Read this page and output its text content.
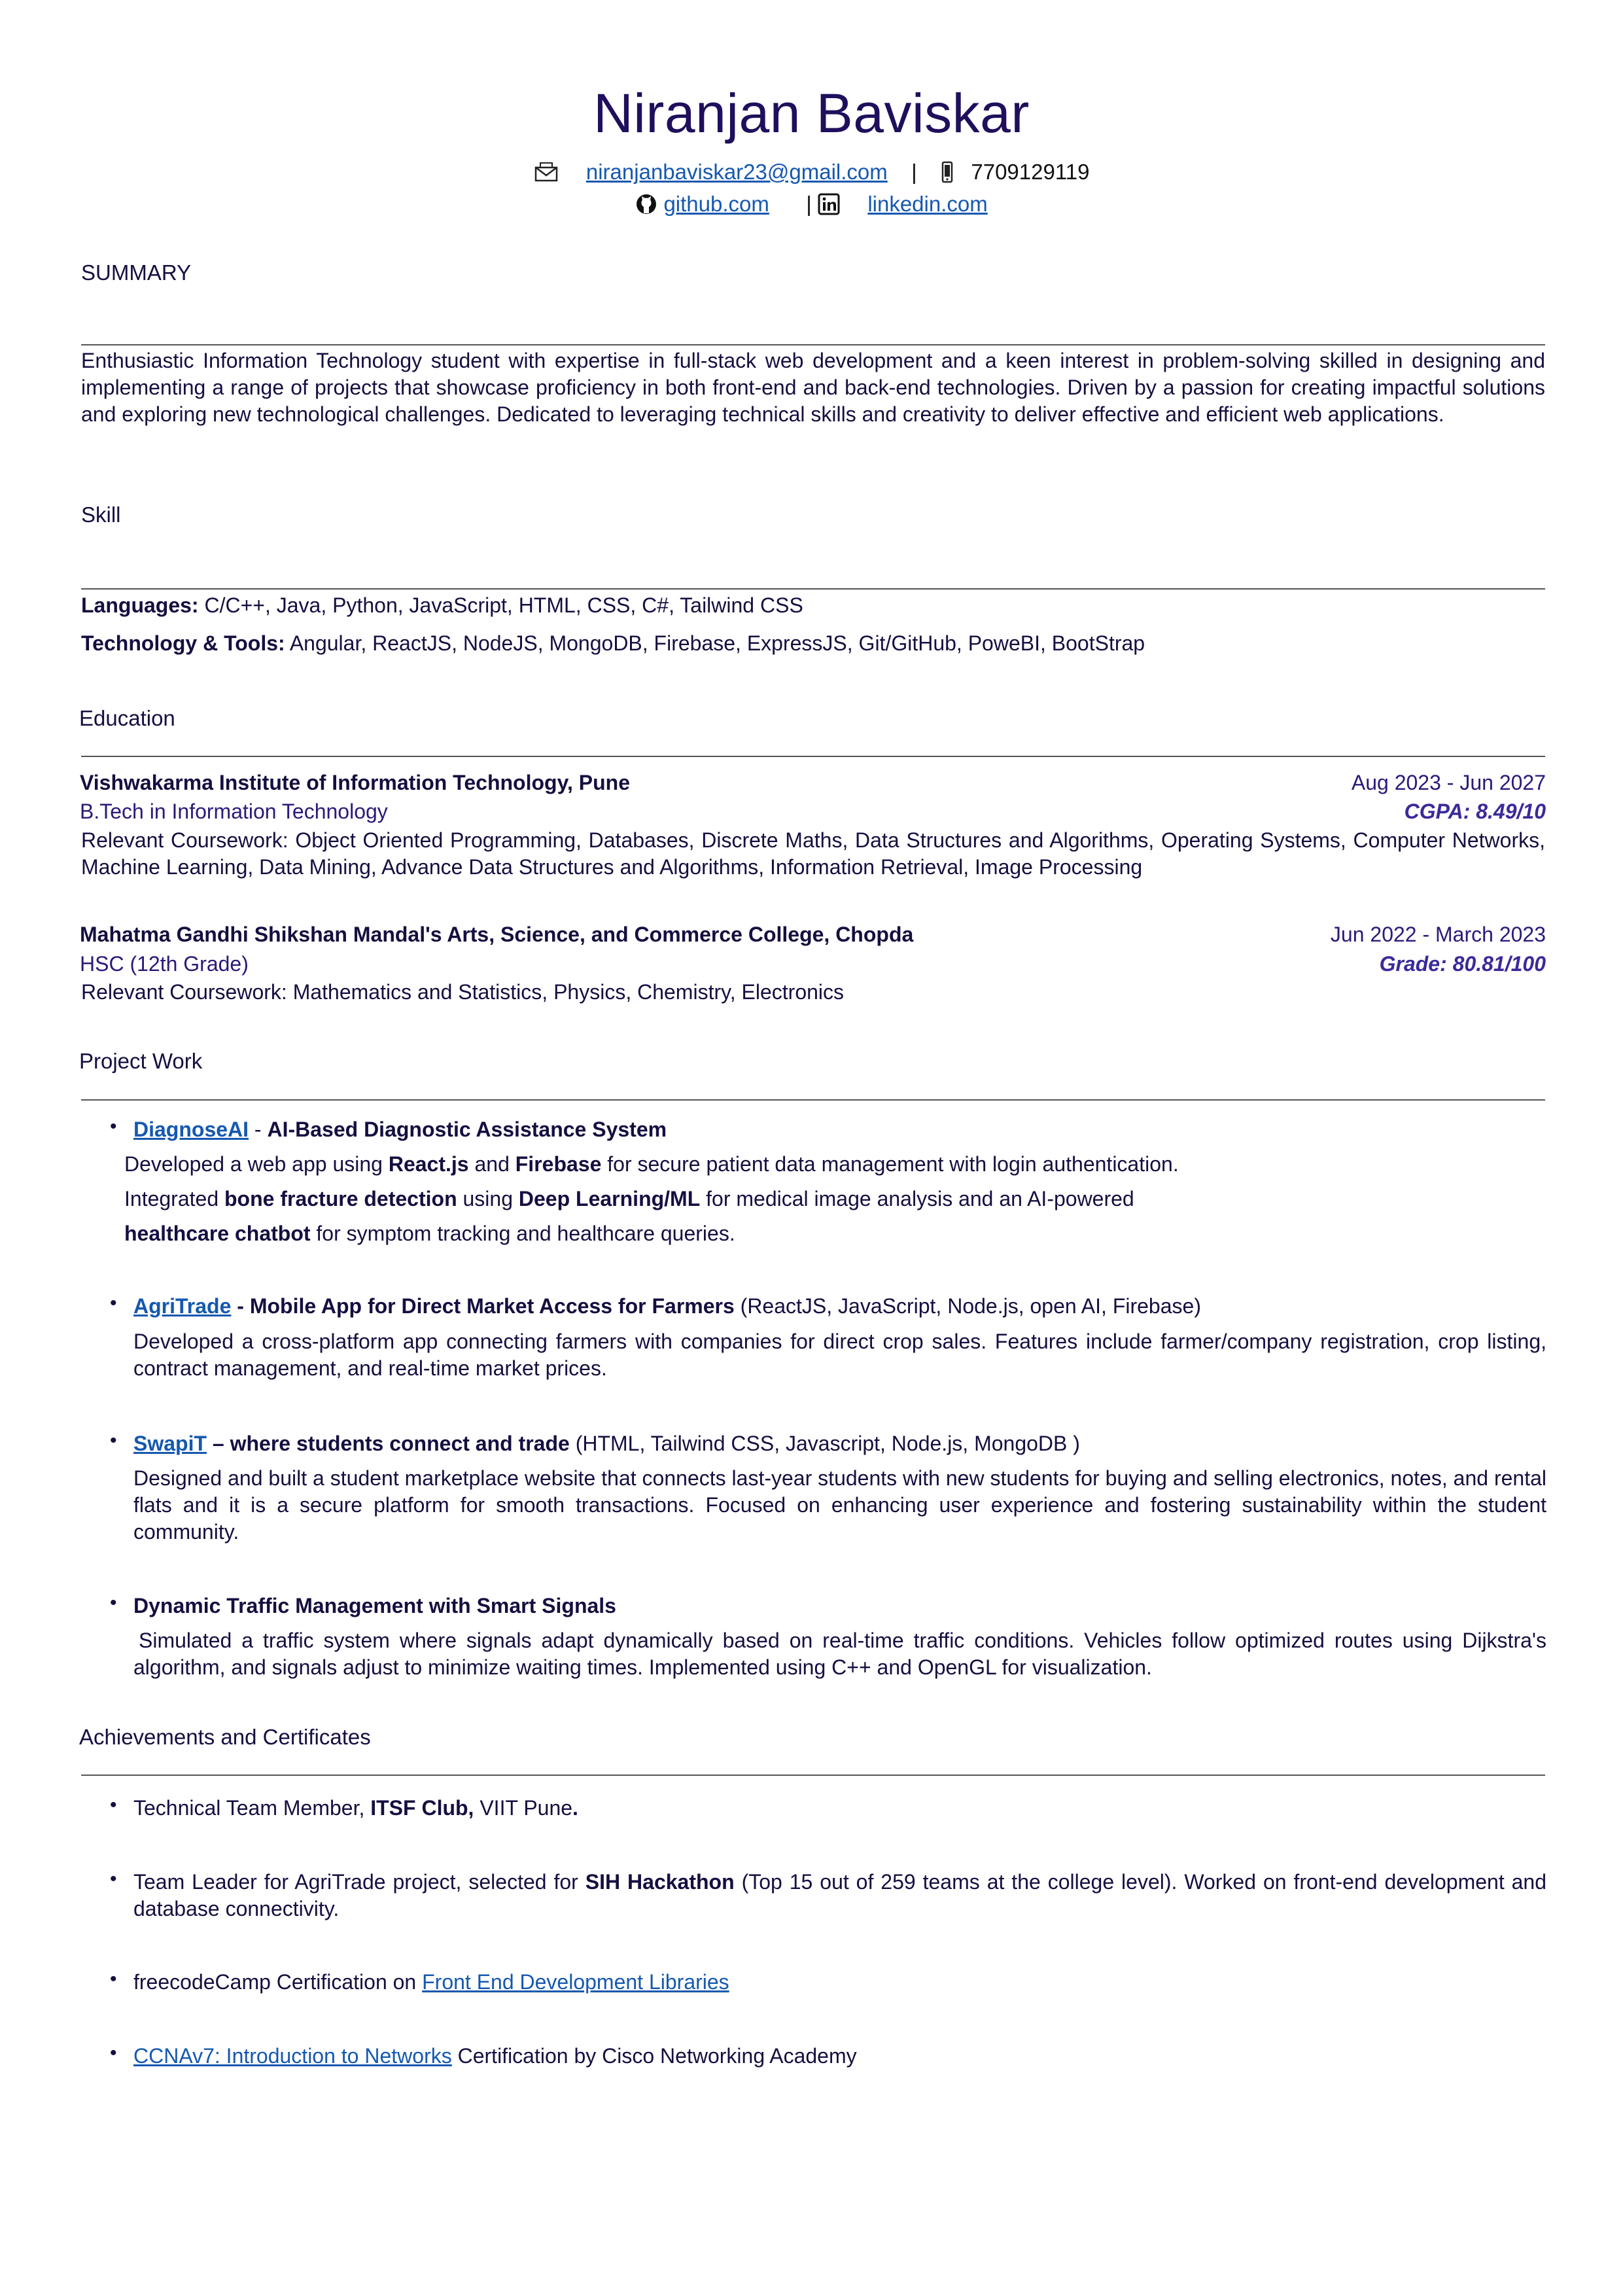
Niranjan Baviskar
niranjanbaviskar23@gmail.com |	7709129119
github.com |	linkedin.com
SUMMARY
Enthusiastic Information Technology student with expertise in full-stack web development and a keen interest in problem-solving skilled in designing and implementing a range of projects that showcase proficiency in both front-end and back-end technologies. Driven by a passion for creating impactful solutions and exploring new technological challenges. Dedicated to leveraging technical skills and creativity to deliver effective and efficient web applications.
Skill
Languages: C/C++, Java, Python, JavaScript, HTML, CSS, C#, Tailwind CSS
Technology & Tools: Angular, ReactJS, NodeJS, MongoDB, Firebase, ExpressJS, Git/GitHub, PoweBI, BootStrap
Education
Vishwakarma Institute of Information Technology, Pune	Aug 2023 - Jun 2027
B.Tech in Information Technology	CGPA: 8.49/10
Relevant Coursework: Object Oriented Programming, Databases, Discrete Maths, Data Structures and Algorithms, Operating Systems, Computer Networks, Machine Learning, Data Mining, Advance Data Structures and Algorithms, Information Retrieval, Image Processing
Mahatma Gandhi Shikshan Mandal's Arts, Science, and Commerce College, Chopda	Jun 2022 - March 2023
HSC (12th Grade)	Grade: 80.81/100
Relevant Coursework: Mathematics and Statistics, Physics, Chemistry, Electronics
Project Work
• DiagnoseAI - AI-Based Diagnostic Assistance System
Developed a web app using React.js and Firebase for secure patient data management with login authentication.
Integrated bone fracture detection using Deep Learning/ML for medical image analysis and an AI-powered
healthcare chatbot for symptom tracking and healthcare queries.
• AgriTrade - Mobile App for Direct Market Access for Farmers (ReactJS, JavaScript, Node.js, open AI, Firebase)
Developed a cross-platform app connecting farmers with companies for direct crop sales. Features include farmer/company registration, crop listing, contract management, and real-time market prices.
• SwapiT – where students connect and trade (HTML, Tailwind CSS, Javascript, Node.js, MongoDB )
Designed and built a student marketplace website that connects last-year students with new students for buying and selling electronics, notes, and rental flats and it is a secure platform for smooth transactions. Focused on enhancing user experience and fostering sustainability within the student community.
• Dynamic Traffic Management with Smart Signals
Simulated a traffic system where signals adapt dynamically based on real-time traffic conditions. Vehicles follow optimized routes using Dijkstra's algorithm, and signals adjust to minimize waiting times. Implemented using C++ and OpenGL for visualization.
Achievements and Certificates
• Technical Team Member, ITSF Club, VIIT Pune.
• Team Leader for AgriTrade project, selected for SIH Hackathon (Top 15 out of 259 teams at the college level). Worked on front-end development and database connectivity.
• freecodeCamp Certification on Front End Development Libraries
• CCNAv7: Introduction to Networks Certification by Cisco Networking Academy
